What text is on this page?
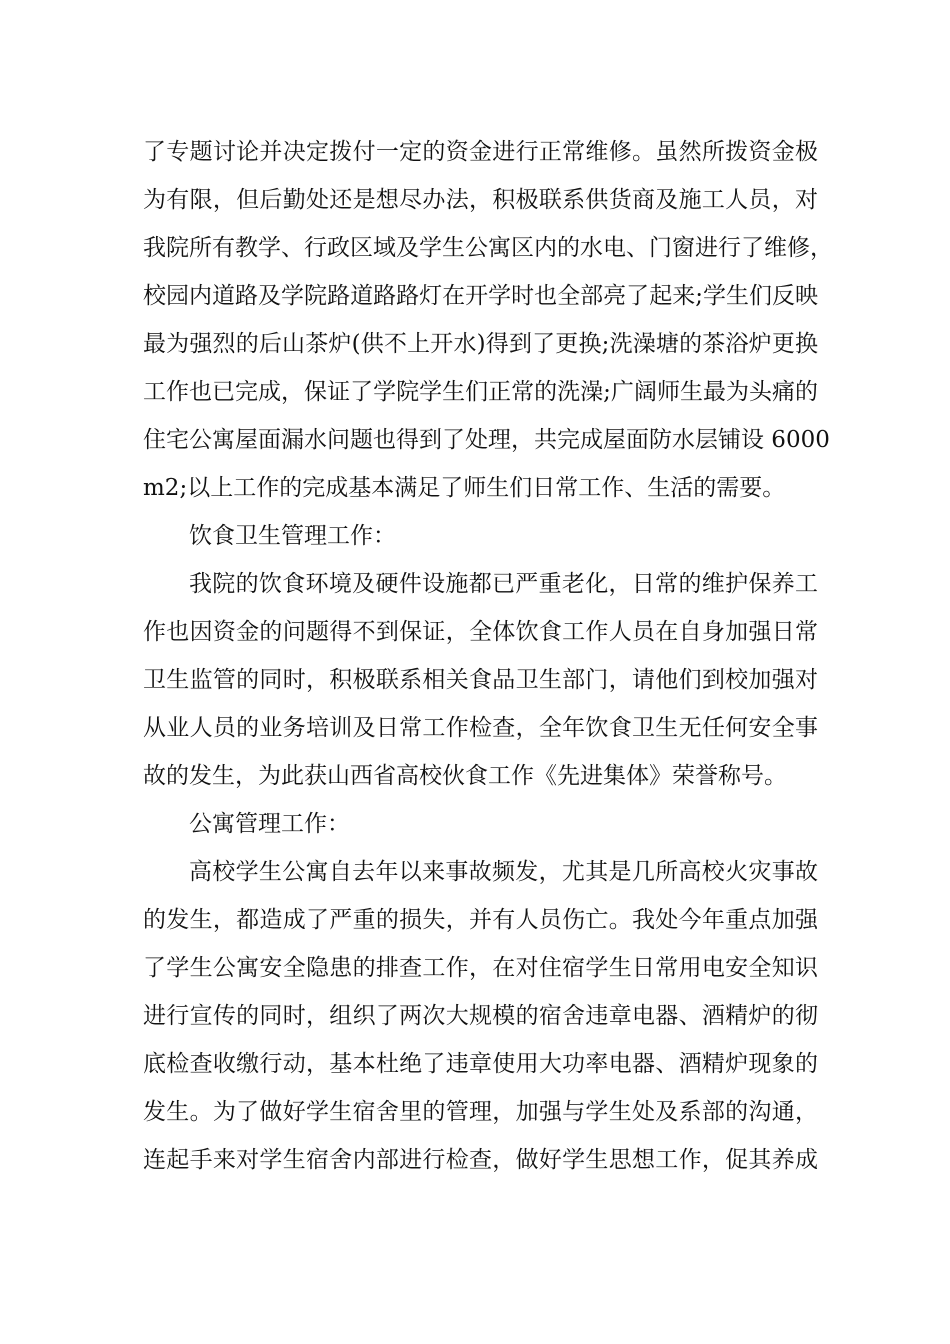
了专题讨论并决定拨付一定的资金进行正常维修。虽然所拨资金极
为有限，但后勤处还是想尽办法，积极联系供货商及施工人员，对
我院所有教学、行政区域及学生公寓区内的水电、门窗进行了维修，
校园内道路及学院路道路路灯在开学时也全部亮了起来;学生们反映
最为强烈的后山茶炉(供不上开水)得到了更换;洗澡塘的茶浴炉更换
工作也已完成，保证了学院学生们正常的洗澡;广阔师生最为头痛的
住宅公寓屋面漏水问题也得到了处理，共完成屋面防水层铺设 6000
m2;以上工作的完成基本满足了师生们日常工作、生活的需要。
饮食卫生管理工作：
我院的饮食环境及硬件设施都已严重老化，日常的维护保养工
作也因资金的问题得不到保证，全体饮食工作人员在自身加强日常
卫生监管的同时，积极联系相关食品卫生部门，请他们到校加强对
从业人员的业务培训及日常工作检查，全年饮食卫生无任何安全事
故的发生，为此获山西省高校伙食工作《先进集体》荣誉称号。
公寓管理工作：
高校学生公寓自去年以来事故频发，尤其是几所高校火灾事故
的发生，都造成了严重的损失，并有人员伤亡。我处今年重点加强
了学生公寓安全隐患的排查工作，在对住宿学生日常用电安全知识
进行宣传的同时，组织了两次大规模的宿舍违章电器、酒精炉的彻
底检查收缴行动，基本杜绝了违章使用大功率电器、酒精炉现象的
发生。为了做好学生宿舍里的管理，加强与学生处及系部的沟通，
连起手来对学生宿舍内部进行检查，做好学生思想工作，促其养成
